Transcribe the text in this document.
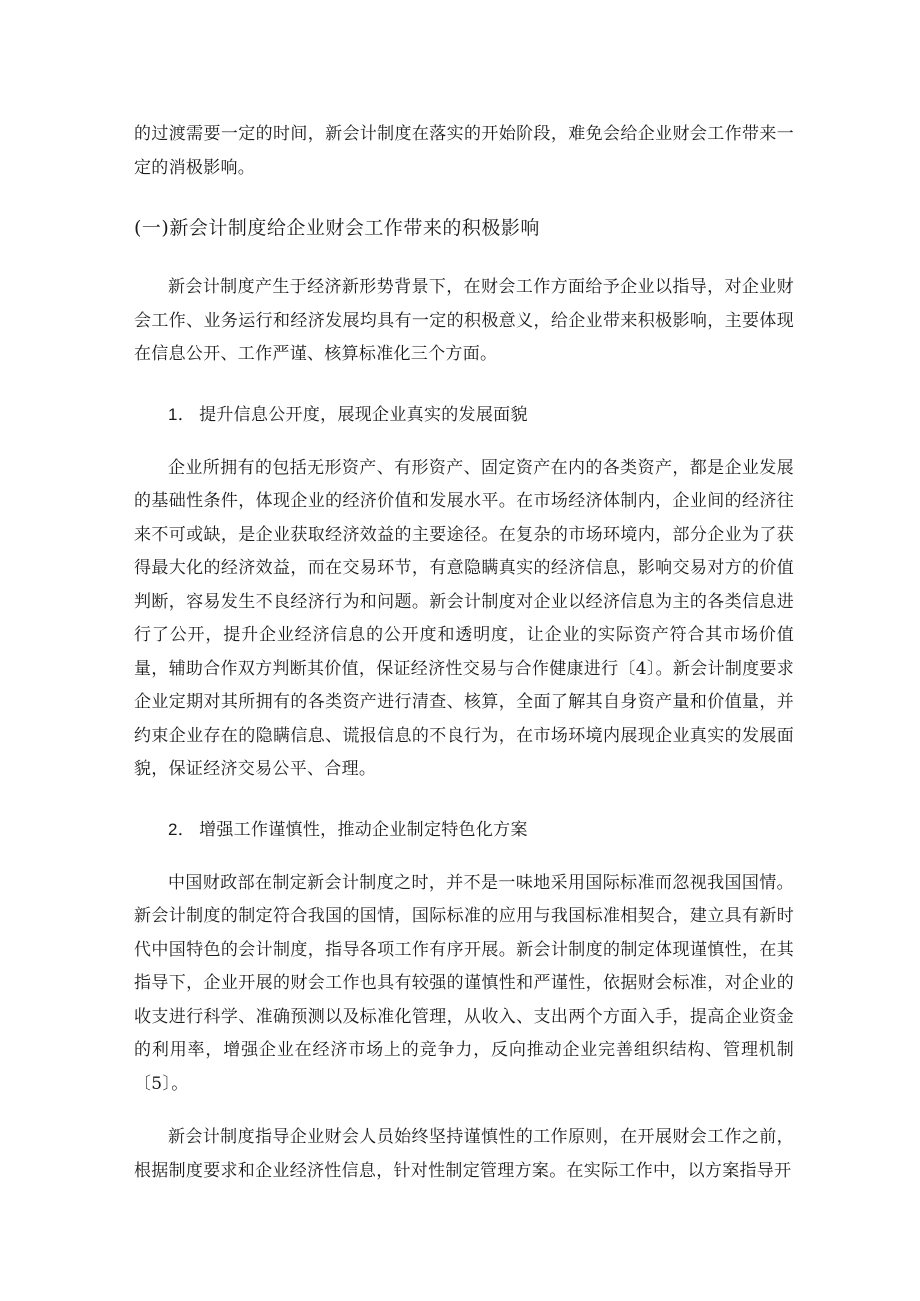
的过渡需要一定的时间，新会计制度在落实的开始阶段，难免会给企业财会工作带来一定的消极影响。

(一)新会计制度给企业财会工作带来的积极影响

新会计制度产生于经济新形势背景下，在财会工作方面给予企业以指导，对企业财会工作、业务运行和经济发展均具有一定的积极意义，给企业带来积极影响，主要体现在信息公开、工作严谨、核算标准化三个方面。

1． 提升信息公开度，展现企业真实的发展面貌

企业所拥有的包括无形资产、有形资产、固定资产在内的各类资产，都是企业发展的基础性条件，体现企业的经济价值和发展水平。在市场经济体制内，企业间的经济往来不可或缺，是企业获取经济效益的主要途径。在复杂的市场环境内，部分企业为了获得最大化的经济效益，而在交易环节，有意隐瞒真实的经济信息，影响交易对方的价值判断，容易发生不良经济行为和问题。新会计制度对企业以经济信息为主的各类信息进行了公开，提升企业经济信息的公开度和透明度，让企业的实际资产符合其市场价值量，辅助合作双方判断其价值，保证经济性交易与合作健康进行〔4〕。新会计制度要求企业定期对其所拥有的各类资产进行清查、核算，全面了解其自身资产量和价值量，并约束企业存在的隐瞒信息、谎报信息的不良行为，在市场环境内展现企业真实的发展面貌，保证经济交易公平、合理。

2． 增强工作谨慎性，推动企业制定特色化方案

中国财政部在制定新会计制度之时，并不是一味地采用国际标准而忽视我国国情。新会计制度的制定符合我国的国情，国际标准的应用与我国标准相契合，建立具有新时代中国特色的会计制度，指导各项工作有序开展。新会计制度的制定体现谨慎性，在其指导下，企业开展的财会工作也具有较强的谨慎性和严谨性，依据财会标准，对企业的收支进行科学、准确预测以及标准化管理，从收入、支出两个方面入手，提高企业资金的利用率，增强企业在经济市场上的竞争力，反向推动企业完善组织结构、管理机制〔5〕。

新会计制度指导企业财会人员始终坚持谨慎性的工作原则，在开展财会工作之前，根据制度要求和企业经济性信息，针对性制定管理方案。在实际工作中，以方案指导开
